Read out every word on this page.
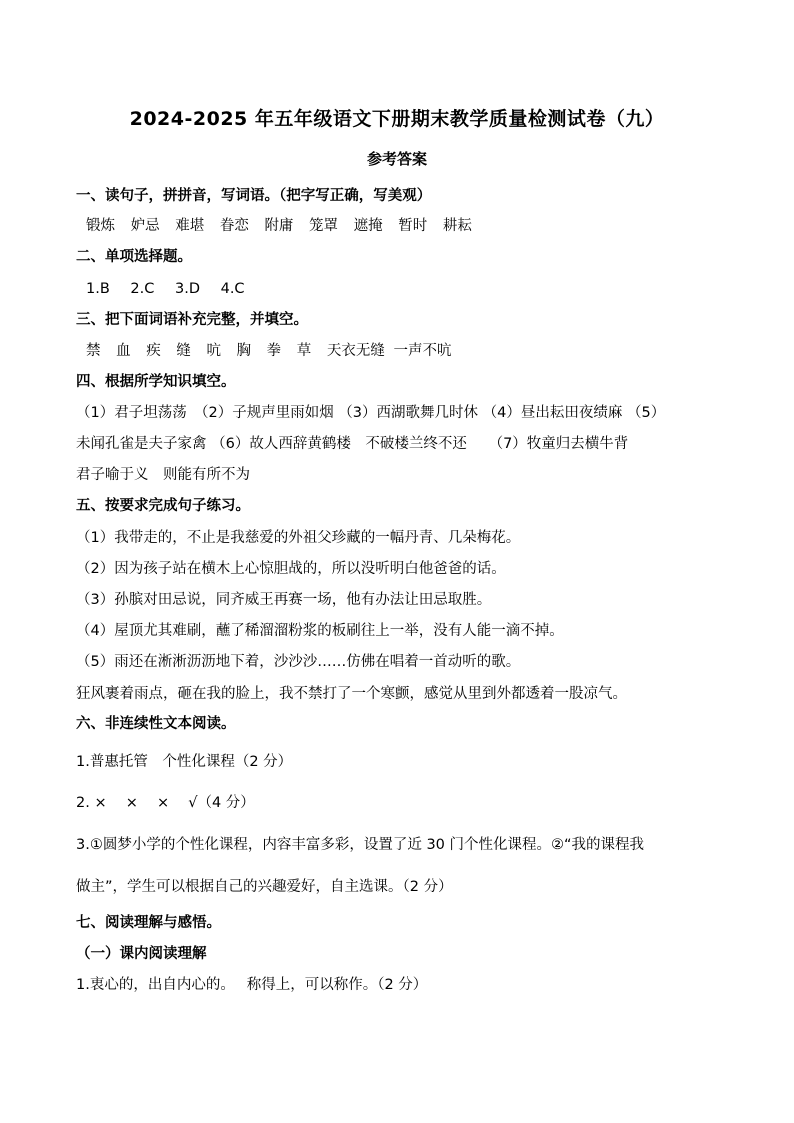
2024-2025 年五年级语文下册期末教学质量检测试卷（九）
参考答案
一、读句子，拼拼音，写词语。（把字写正确，写美观）
锻炼 妒忌 难堪 眷恋 附庸 笼罩 遮掩 暂时 耕耘
二、单项选择题。
1.B 2.C 3.D 4.C
三、把下面词语补充完整，并填空。
禁 血 疾 缝 吭 胸 拳 草 天衣无缝 一声不吭
四、根据所学知识填空。
（1）君子坦荡荡　（2）子规声里雨如烟 （3）西湖歌舞几时休 （4）昼出耘田夜绩麻 （5）
未闻孔雀是夫子家禽 （6）故人西辞黄鹤楼　不破楼兰终不还　　（7）牧童归去横牛背
君子喻于义　则能有所不为
五、按要求完成句子练习。
（1）我带走的，不止是我慈爱的外祖父珍藏的一幅丹青、几朵梅花。
（2）因为孩子站在横木上心惊胆战的，所以没听明白他爸爸的话。
（3）孙膑对田忌说，同齐威王再赛一场，他有办法让田忌取胜。
（4）屋顶尤其难刷，蘸了稀溜溜粉浆的板刷往上一举，没有人能一滴不掉。
（5）雨还在淅淅沥沥地下着，沙沙沙……仿佛在唱着一首动听的歌。
狂风裹着雨点，砸在我的脸上，我不禁打了一个寒颤，感觉从里到外都透着一股凉气。
六、非连续性文本阅读。
1.普惠托管　个性化课程（2 分）
2. ×　 ×　 ×　 √（4 分）
3.①圆梦小学的个性化课程，内容丰富多彩，设置了近 30 门个性化课程。②“我的课程我
做主”，学生可以根据自己的兴趣爱好，自主选课。（2 分）
七、阅读理解与感悟。
（一）课内阅读理解
1.衷心的，出自内心的。　 称得上，可以称作。（2 分）
